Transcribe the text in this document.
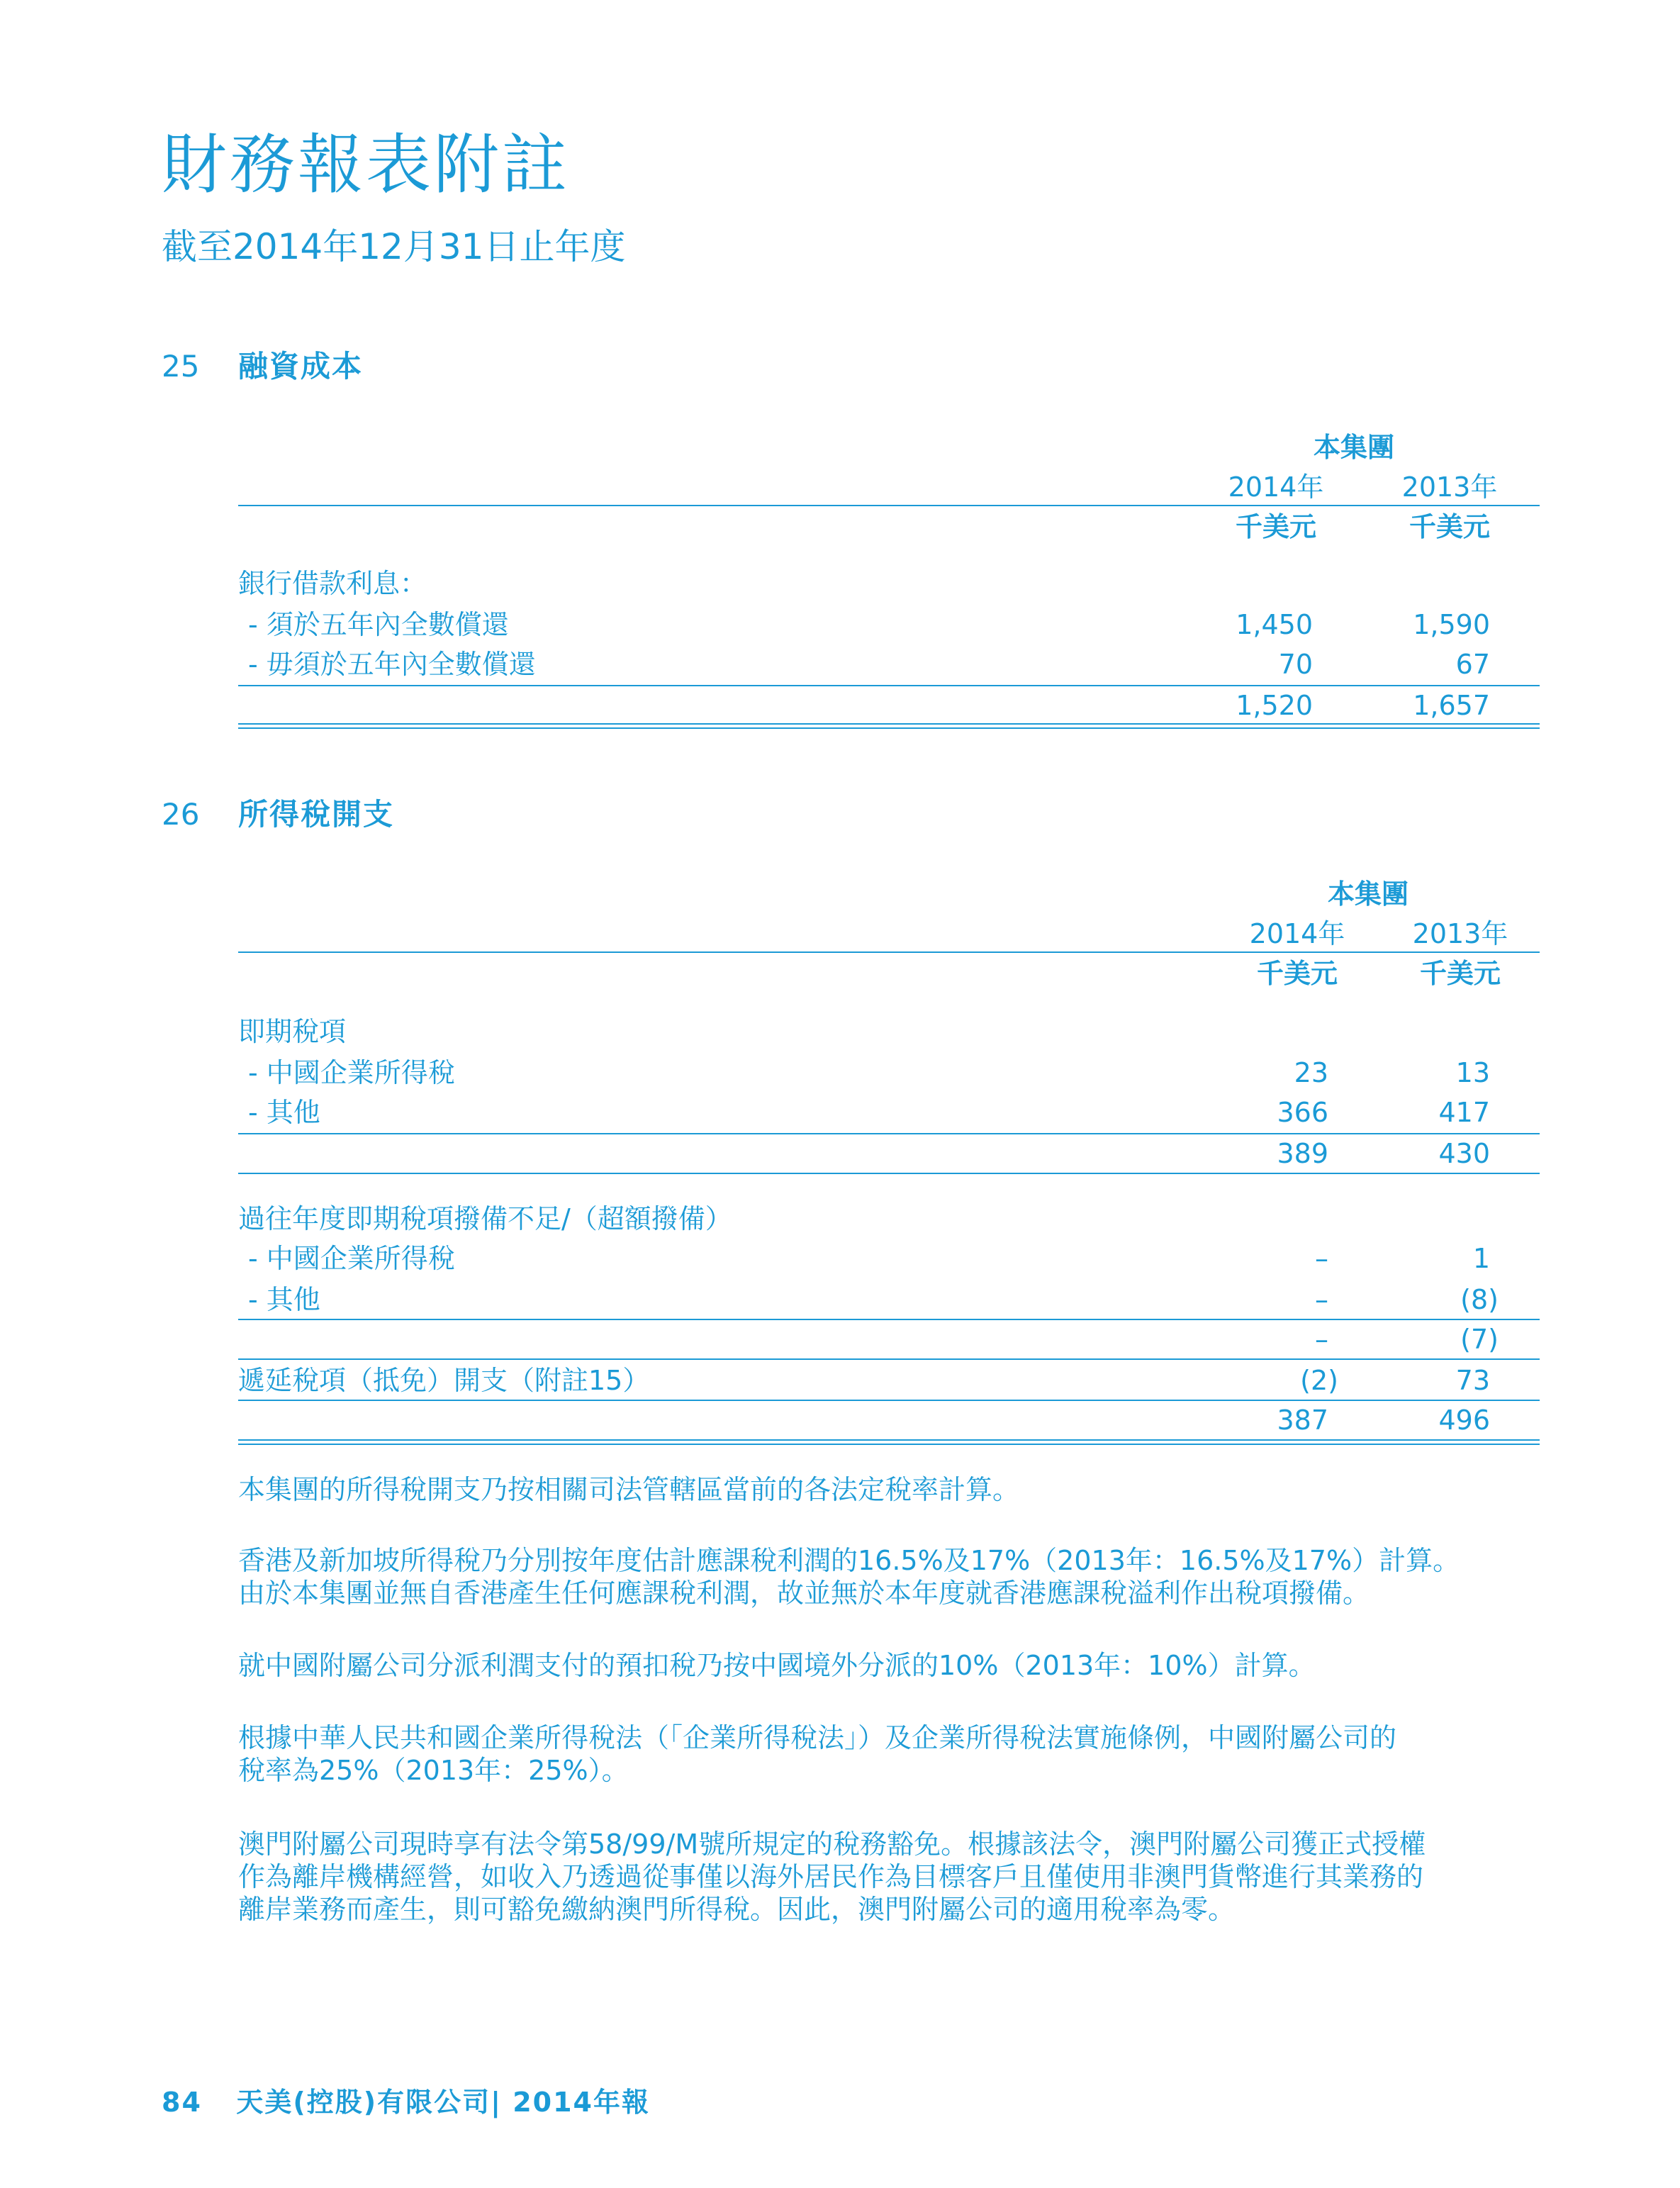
財務報表附註
截至2014年12月31日止年度
25 融資成本
本集團
2014年	2013年
千美元	千美元
銀行借款利息：
- 須於五年內全數償還	1,450	1,590
- 毋須於五年內全數償還	70	67
1,520	1,657
26 所得稅開支
本集團
2014年	2013年
千美元	千美元
即期稅項
- 中國企業所得稅	23	13
- 其他	366	417
389	430
過往年度即期稅項撥備不足/（超額撥備）
- 中國企業所得稅	–	1
- 其他	–	(8)
–	(7)
遞延稅項（抵免）開支（附註15）	(2)	73
387	496
本集團的所得稅開支乃按相關司法管轄區當前的各法定稅率計算。
香港及新加坡所得稅乃分別按年度估計應課稅利潤的16.5%及17%（2013年：16.5%及17%）計算。
由於本集團並無自香港產生任何應課稅利潤，故並無於本年度就香港應課稅溢利作出稅項撥備。
就中國附屬公司分派利潤支付的預扣稅乃按中國境外分派的10%（2013年：10%）計算。
根據中華人民共和國企業所得稅法（「企業所得稅法」）及企業所得稅法實施條例，中國附屬公司的
稅率為25%（2013年：25%）。
澳門附屬公司現時享有法令第58/99/M號所規定的稅務豁免。根據該法令，澳門附屬公司獲正式授權
作為離岸機構經營，如收入乃透過從事僅以海外居民作為目標客戶且僅使用非澳門貨幣進行其業務的
離岸業務而產生，則可豁免繳納澳門所得稅。因此，澳門附屬公司的適用稅率為零。
84 天美(控股)有限公司| 2014年報
